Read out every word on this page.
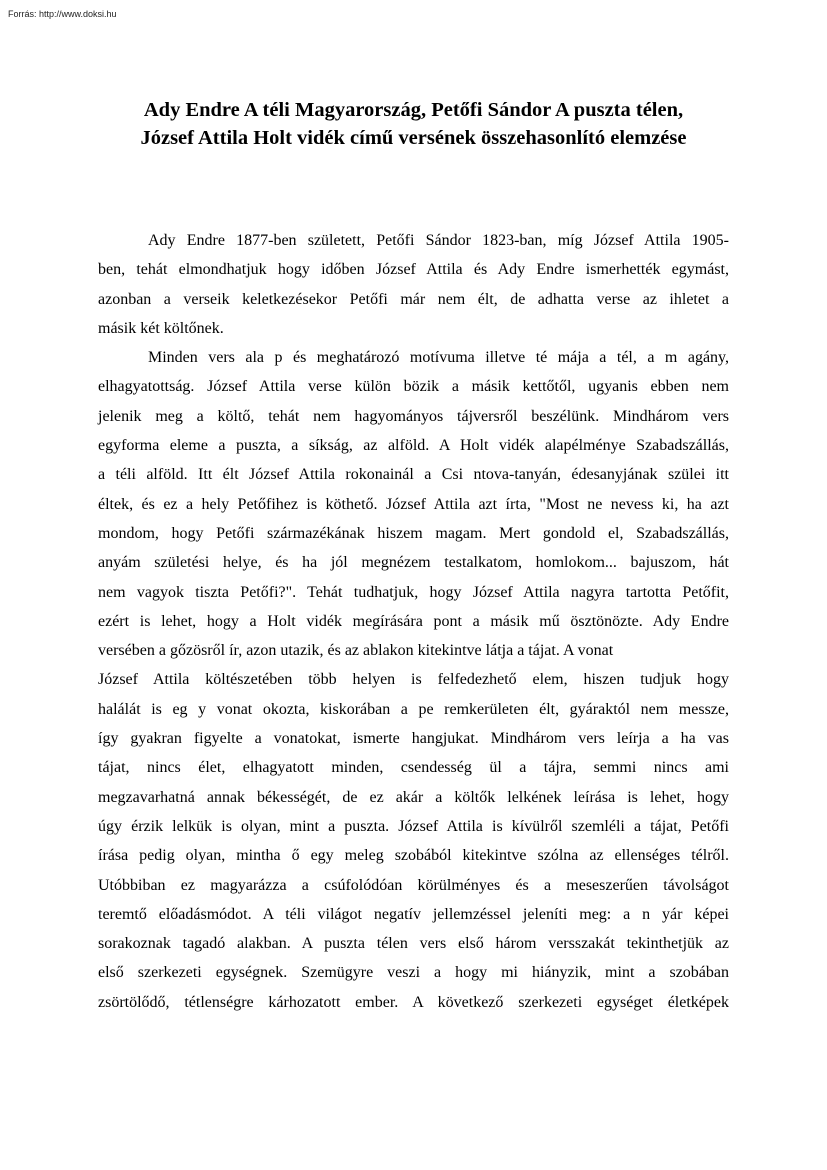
Forrás: http://www.doksi.hu
Ady Endre A téli Magyarország, Petőfi Sándor A puszta télen,
József Attila Holt vidék című versének összehasonlító elemzése
Ady Endre 1877-ben született, Petőfi Sándor 1823-ban, míg József Attila 1905-
ben, tehát elmondhatjuk hogy időben József Attila és Ady Endre ismerhették egymást,
azonban a verseik keletkezésekor Petőfi már nem élt, de adhatta verse az ihletet a
másik két költőnek.
Minden vers ala p és meghatározó motívuma illetve té mája a tél, a m agány,
elhagyatottság. József Attila verse külön bözik a másik kettőtől, ugyanis ebben nem
jelenik meg a költő, tehát nem hagyományos tájversről beszélünk. Mindhárom vers
egyforma eleme a puszta, a síkság, az alföld. A Holt vidék alapélménye Szabadszállás,
a téli alföld. Itt élt József Attila rokonainál a Csi ntova-tanyán, édesanyjának szülei itt
éltek, és ez a hely Petőfihez is köthető. József Attila azt írta, "Most ne nevess ki, ha azt
mondom, hogy Petőfi származékának hiszem magam. Mert gondold el, Szabadszállás,
anyám születési helye, és ha jól megnézem testalkatom, homlokom... bajuszom, hát
nem vagyok tiszta Petőfi?". Tehát tudhatjuk, hogy József Attila nagyra tartotta Petőfit,
ezért is lehet, hogy a Holt vidék megírására pont a másik mű ösztönözte. Ady Endre
versében a gőzösről ír, azon utazik, és az ablakon kitekintve látja a tájat. A vonat
József Attila költészetében több helyen is felfedezhető elem, hiszen tudjuk hogy
halálát is eg y vonat okozta, kiskorában a pe remkerületen élt, gyáraktól nem messze,
így gyakran figyelte a vonatokat, ismerte hangjukat. Mindhárom vers leírja a ha vas
tájat, nincs élet, elhagyatott minden, csendesség ül a tájra, semmi nincs ami
megzavarhatná annak békességét, de ez akár a költők lelkének leírása is lehet, hogy
úgy érzik lelkük is olyan, mint a puszta. József Attila is kívülről szemléli a tájat, Petőfi
írása pedig olyan, mintha ő egy meleg szobából kitekintve szólna az ellenséges télről.
Utóbbiban ez magyarázza a csúfolódóan körülményes és a meseszerűen távolságot
teremtő előadásmódot. A téli világot negatív jellemzéssel jeleníti meg: a n yár képei
sorakoznak tagadó alakban. A puszta télen vers első három versszakát tekinthetjük az
első szerkezeti egységnek. Szemügyre veszi a hogy mi hiányzik, mint a szobában
zsörtölődő, tétlenségre kárhozatott ember. A következő szerkezeti egységet életképek
